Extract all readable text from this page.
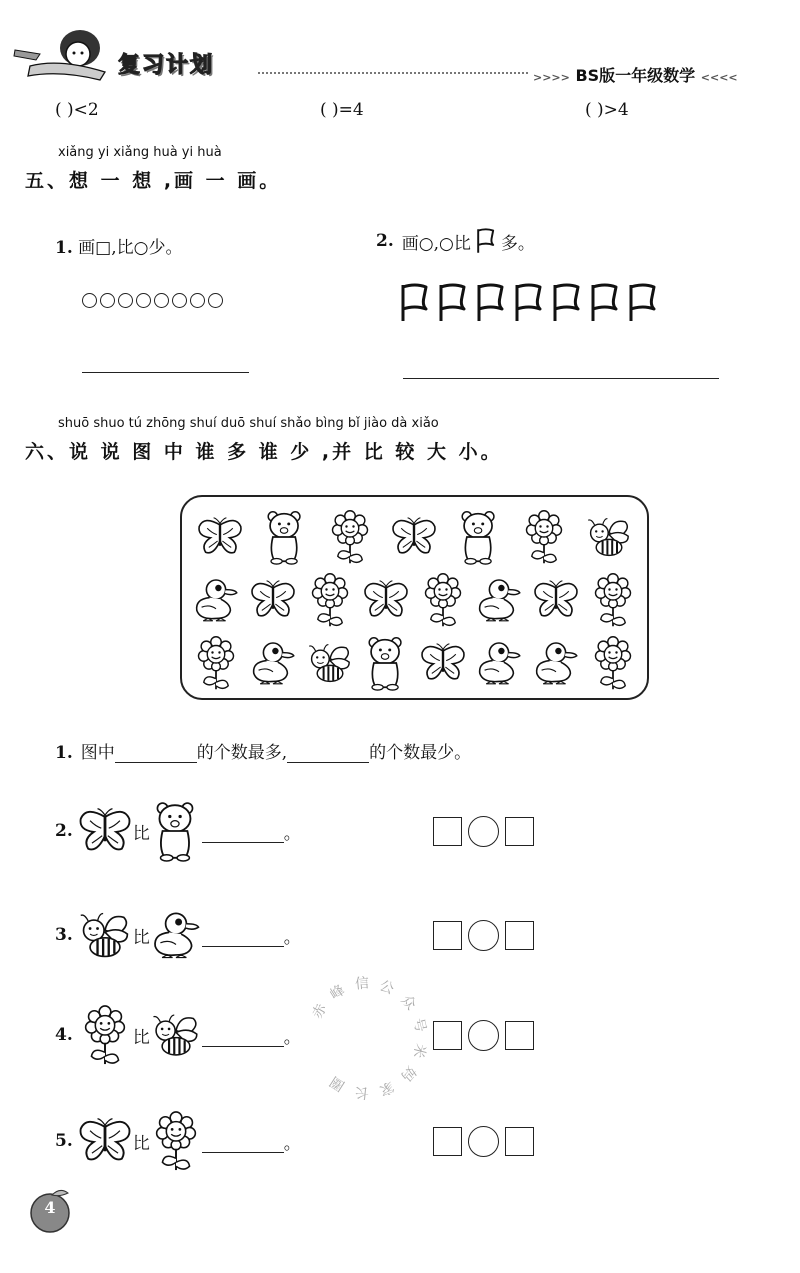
复习计划	>>>> BS版一年级数学 <<<<
( )<2	( )=4	( )>4
xiǎng yi xiǎng huà yi huà
五、想 一 想 ,画 一 画。
1. 画□,比○少。	2. 画○,○比 多。
shuō shuo tú zhōng shuí duō shuí shǎo bìng bǐ jiào dà xiǎo
六、说 说 图 中 谁 多 谁 少 ,并 比 较 大 小。
1. 图中	的个数最多,	的个数最少。
2.	比	。
3.	比	。
4.	比	。
5.	比	。
赤
峰 信 公
众
号
米
妈
家
长
圈
4
